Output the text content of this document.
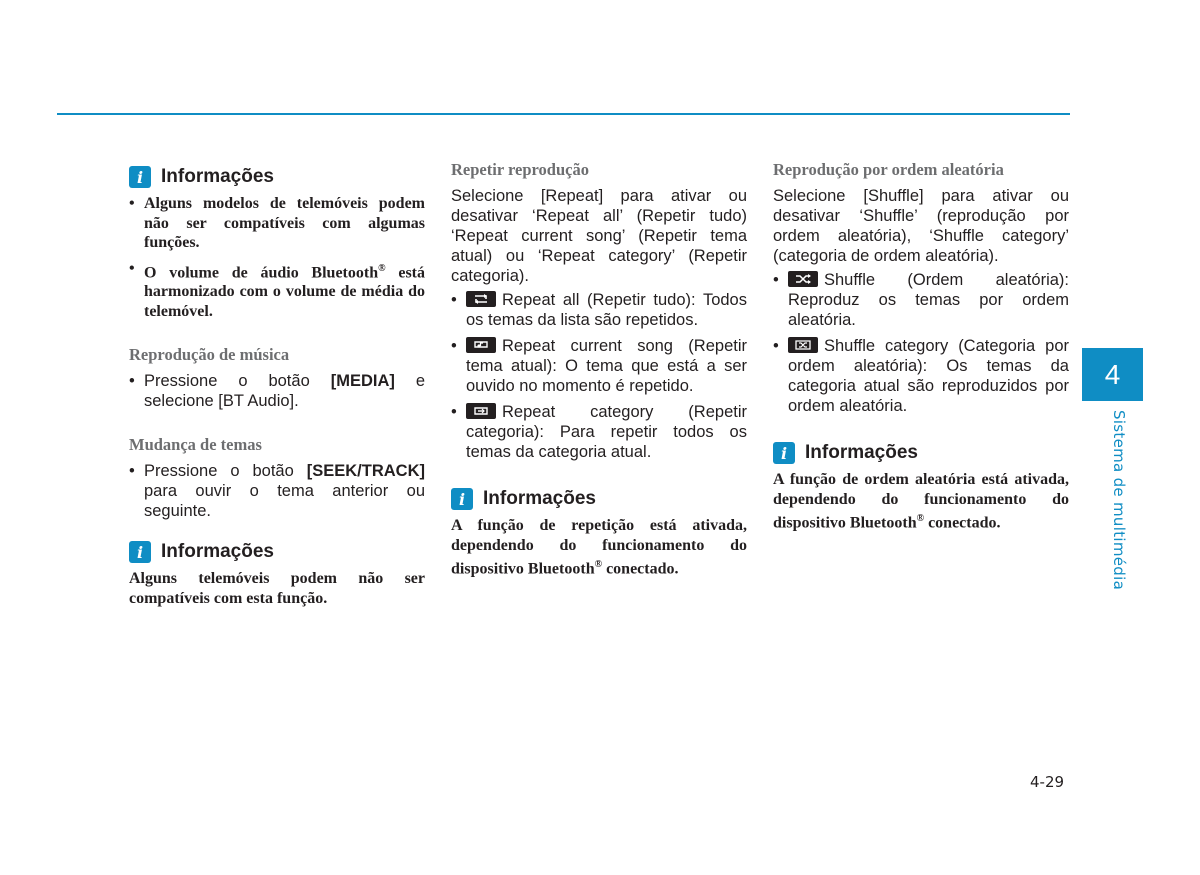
i Informações
• Alguns modelos de telemóveis podem não ser compatíveis com algumas funções.
• O volume de áudio Bluetooth® está harmonizado com o volume de média do telemóvel.
Reprodução de música
• Pressione o botão [MEDIA] e selecione [BT Audio].
Mudança de temas
• Pressione o botão [SEEK/TRACK] para ouvir o tema anterior ou seguinte.
i Informações
Alguns telemóveis podem não ser compatíveis com esta função.
Repetir reprodução
Selecione [Repeat] para ativar ou desativar ‘Repeat all’ (Repetir tudo) ‘Repeat current song’ (Repetir tema atual) ou ‘Repeat category’ (Repetir categoria).
• Repeat all (Repetir tudo): Todos os temas da lista são repetidos.
• Repeat current song (Repetir tema atual): O tema que está a ser ouvido no momento é repetido.
• Repeat category (Repetir categoria): Para repetir todos os temas da categoria atual.
i Informações
A função de repetição está ativada, dependendo do funcionamento do dispositivo Bluetooth® conectado.
Reprodução por ordem aleatória
Selecione [Shuffle] para ativar ou desativar ‘Shuffle’ (reprodução por ordem aleatória), ‘Shuffle category’ (categoria de ordem aleatória).
• Shuffle (Ordem aleatória): Reproduz os temas por ordem aleatória.
• Shuffle category (Categoria por ordem aleatória): Os temas da categoria atual são reproduzidos por ordem aleatória.
i Informações
A função de ordem aleatória está ativada, dependendo do funcionamento do dispositivo Bluetooth® conectado.
4
Sistema de multimédia
4-29
